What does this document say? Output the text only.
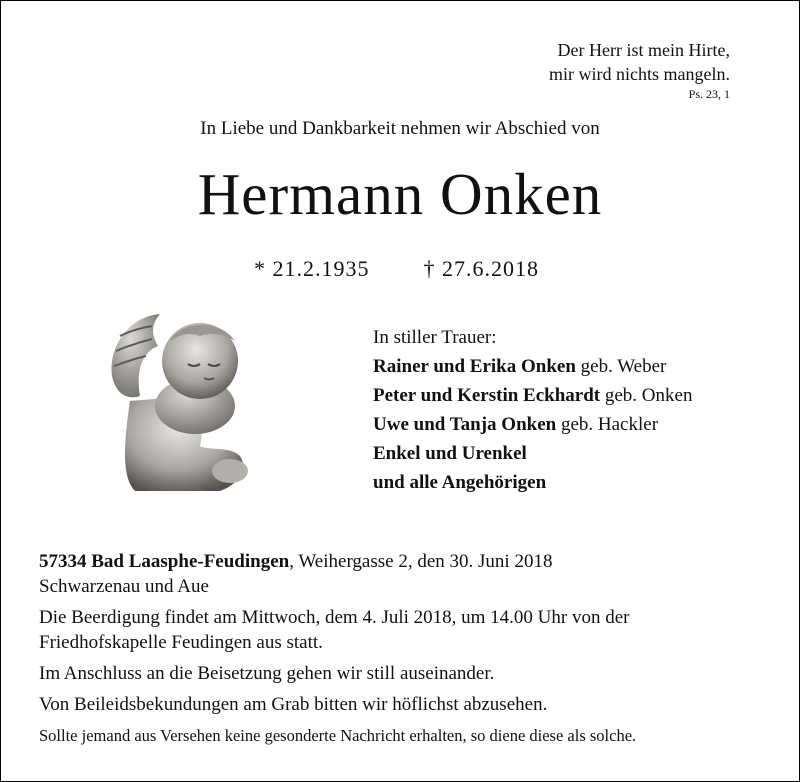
Der Herr ist mein Hirte,
mir wird nichts mangeln.
Ps. 23, 1
In Liebe und Dankbarkeit nehmen wir Abschied von
Hermann Onken
* 21.2.1935 † 27.6.2018
In stiller Trauer:
Rainer und Erika Onken geb. Weber
Peter und Kerstin Eckhardt geb. Onken
Uwe und Tanja Onken geb. Hackler
Enkel und Urenkel
und alle Angehörigen
57334 Bad Laasphe-Feudingen, Weihergasse 2, den 30. Juni 2018
Schwarzenau und Aue
Die Beerdigung findet am Mittwoch, dem 4. Juli 2018, um 14.00 Uhr von der
Friedhofskapelle Feudingen aus statt.
Im Anschluss an die Beisetzung gehen wir still auseinander.
Von Beileidsbekundungen am Grab bitten wir höflichst abzusehen.
Sollte jemand aus Versehen keine gesonderte Nachricht erhalten, so diene diese als solche.
